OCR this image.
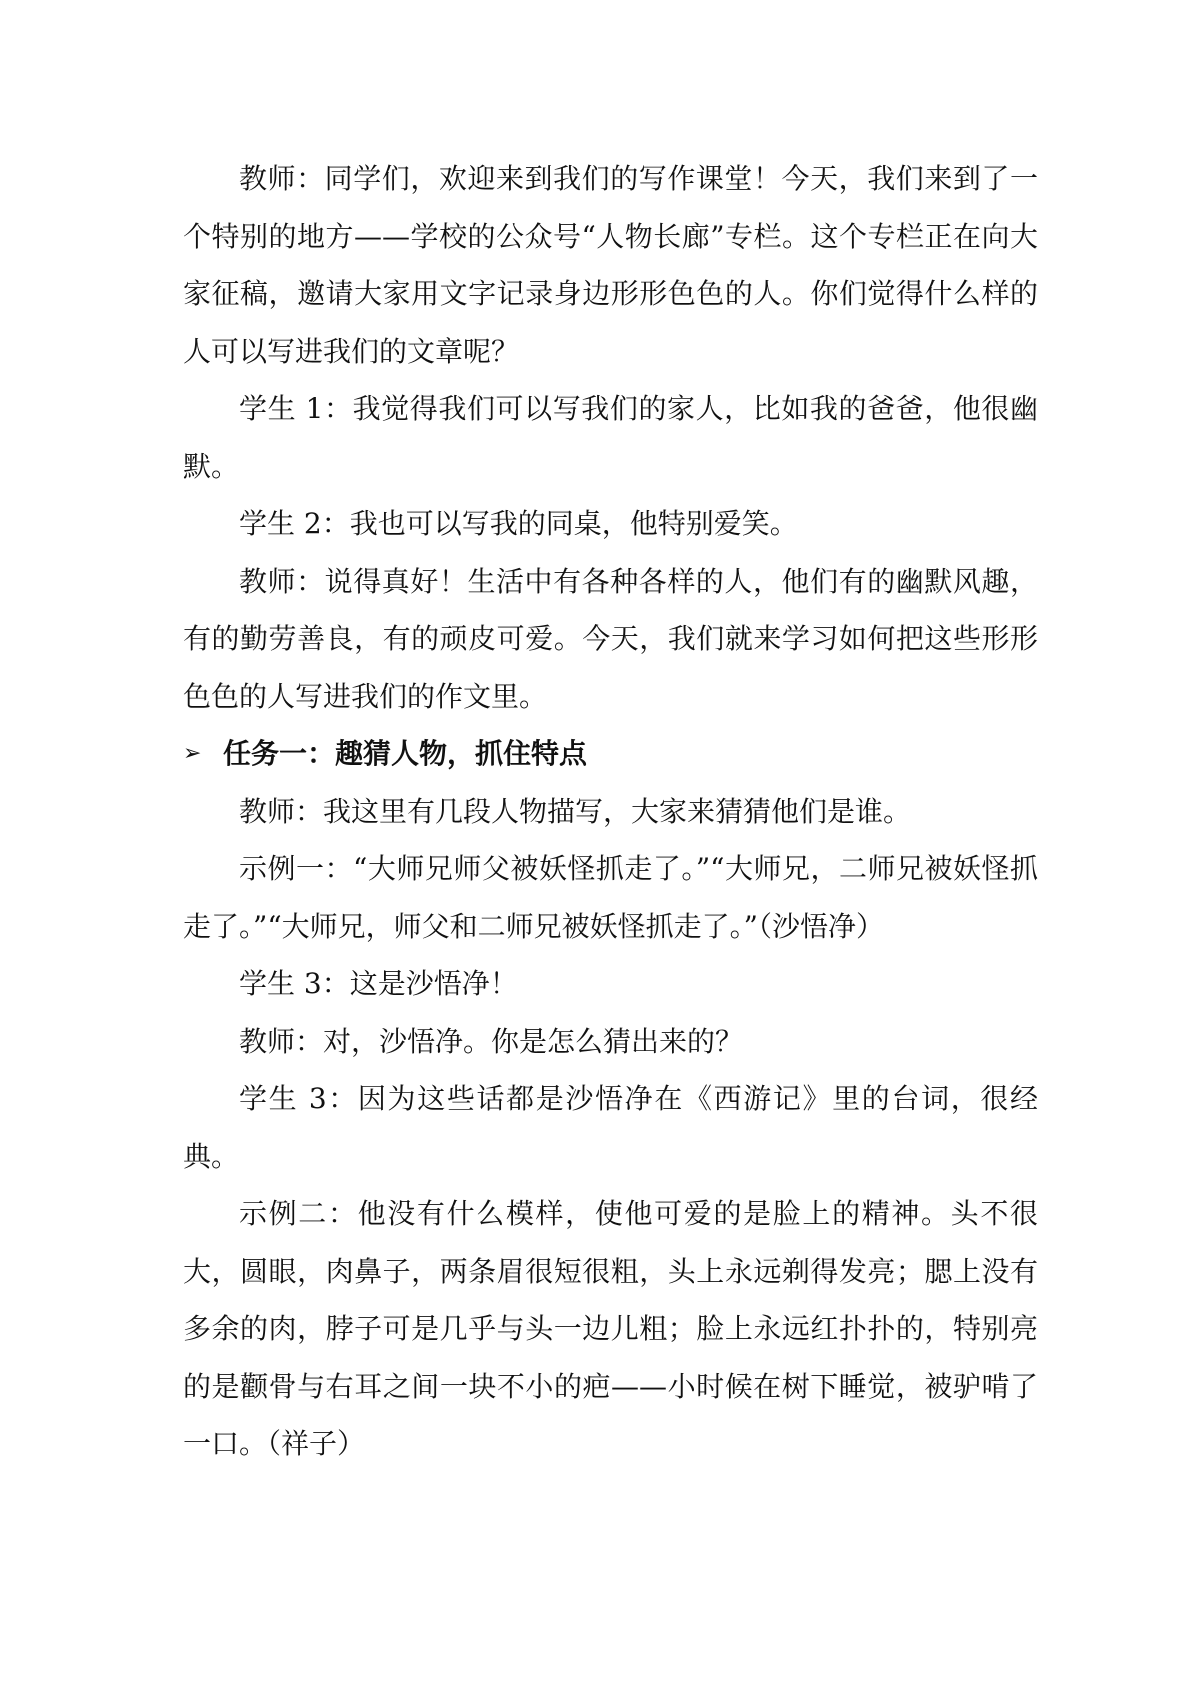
教师：同学们，欢迎来到我们的写作课堂！今天，我们来到了一个特别的地方——学校的公众号“人物长廊”专栏。这个专栏正在向大家征稿，邀请大家用文字记录身边形形色色的人。你们觉得什么样的人可以写进我们的文章呢？

学生 1：我觉得我们可以写我们的家人，比如我的爸爸，他很幽默。

学生 2：我也可以写我的同桌，他特别爱笑。

教师：说得真好！生活中有各种各样的人，他们有的幽默风趣，有的勤劳善良，有的顽皮可爱。今天，我们就来学习如何把这些形形色色的人写进我们的作文里。

➢ 任务一：趣猜人物，抓住特点

教师：我这里有几段人物描写，大家来猜猜他们是谁。

示例一：“大师兄师父被妖怪抓走了。”“大师兄，二师兄被妖怪抓走了。”“大师兄，师父和二师兄被妖怪抓走了。”（沙悟净）

学生 3：这是沙悟净！

教师：对，沙悟净。你是怎么猜出来的？

学生 3：因为这些话都是沙悟净在《西游记》里的台词，很经典。

示例二：他没有什么模样，使他可爱的是脸上的精神。头不很大，圆眼，肉鼻子，两条眉很短很粗，头上永远剃得发亮；腮上没有多余的肉，脖子可是几乎与头一边儿粗；脸上永远红扑扑的，特别亮的是颧骨与右耳之间一块不小的疤——小时候在树下睡觉，被驴啃了一口。（祥子）
